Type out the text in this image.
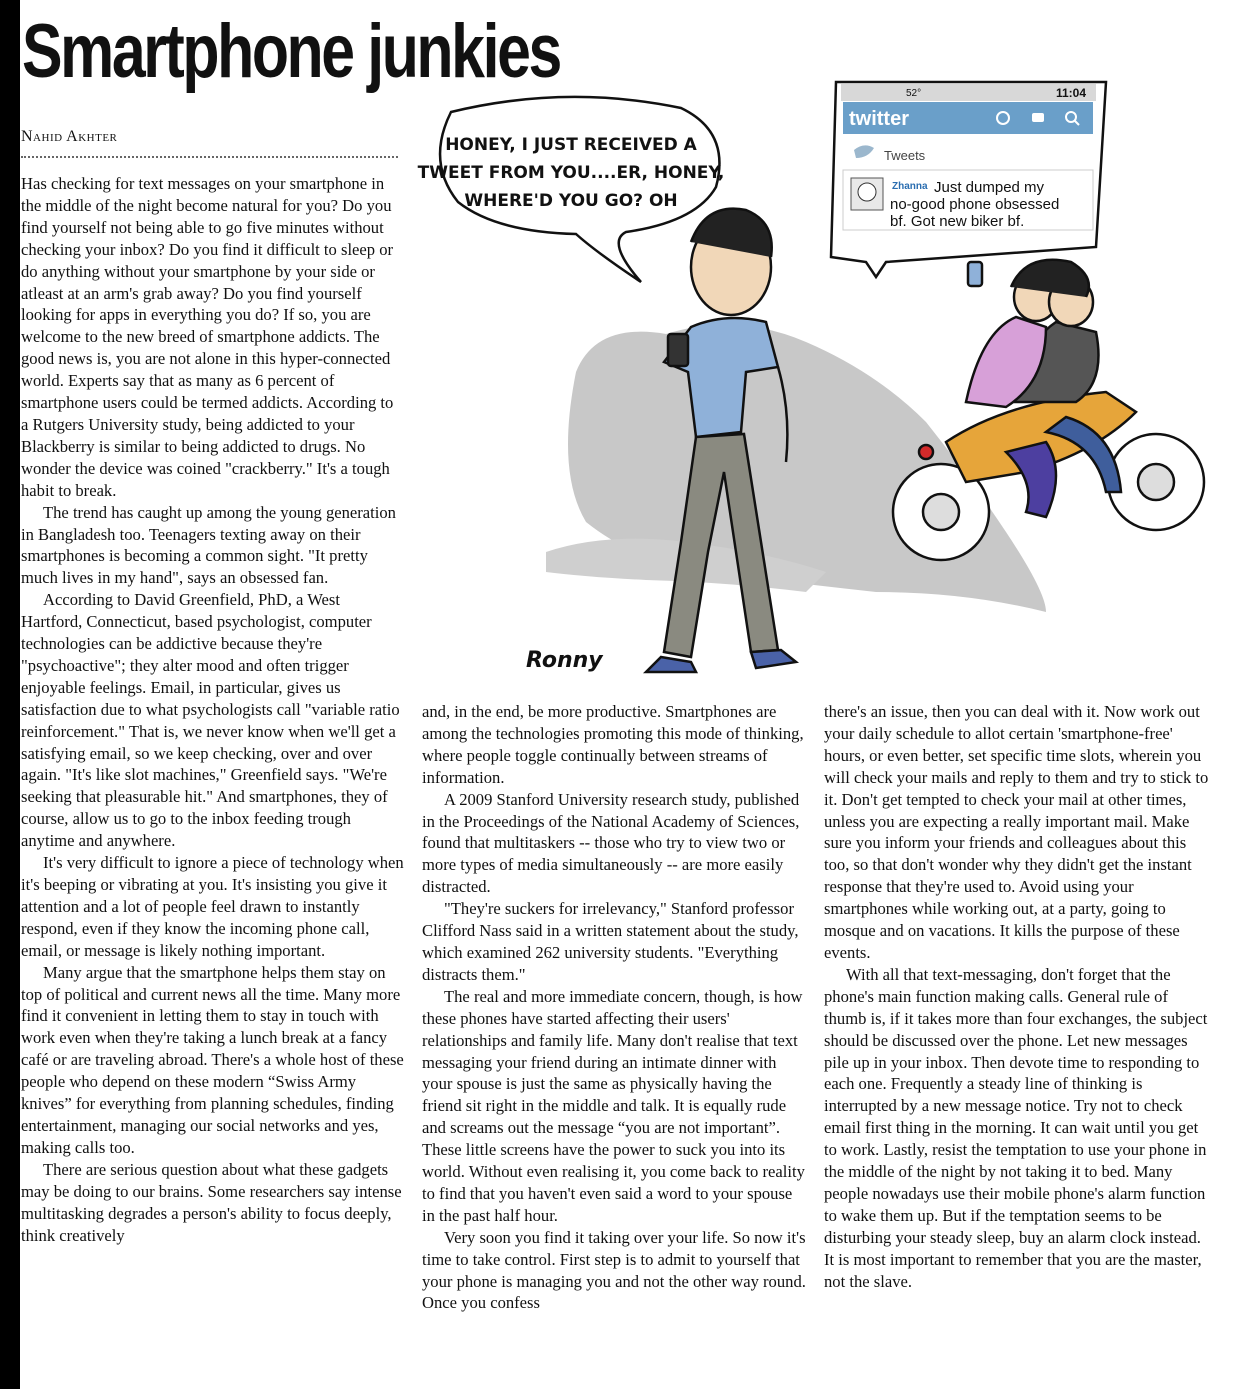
Smartphone junkies
Nahid Akhter	HONEY, I JUST RECEIVED A
TWEET FROM YOU....ER, HONEY,
WHERE'D YOU GO? OH
52°	11:04
twitter
Tweets
Zhanna Just dumped my
no-good phone obsessed
bf. Got new biker bf.
Ronny

Has checking for text messages on your smartphone in the middle of the night become natural for you? Do you find yourself not being able to go five minutes without checking your inbox? Do you find it difficult to sleep or do anything without your smartphone by your side or atleast at an arm's grab away? Do you find yourself looking for apps in everything you do? If so, you are welcome to the new breed of smartphone addicts. The good news is, you are not alone in this hyper-connected world. Experts say that as many as 6 percent of smartphone users could be termed addicts. According to a Rutgers University study, being addicted to your Blackberry is similar to being addicted to drugs. No wonder the device was coined "crackberry." It's a tough habit to break.

The trend has caught up among the young generation in Bangladesh too. Teenagers texting away on their smartphones is becoming a common sight. "It pretty much lives in my hand", says an obsessed fan.

According to David Greenfield, PhD, a West Hartford, Connecticut, based psychologist, computer technologies can be addictive because they're "psychoactive"; they alter mood and often trigger enjoyable feelings. Email, in particular, gives us satisfaction due to what psychologists call "variable ratio reinforcement." That is, we never know when we'll get a satisfying email, so we keep checking, over and over again. "It's like slot machines," Greenfield says. "We're seeking that pleasurable hit." And smartphones, they of course, allow us to go to the inbox feeding trough anytime and anywhere.

It's very difficult to ignore a piece of technology when it's beeping or vibrating at you. It's insisting you give it attention and a lot of people feel drawn to instantly respond, even if they know the incoming phone call, email, or message is likely nothing important.

Many argue that the smartphone helps them stay on top of political and current news all the time. Many more find it convenient in letting them to stay in touch with work even when they're taking a lunch break at a fancy café or are traveling abroad. There's a whole host of these people who depend on these modern “Swiss Army knives” for everything from planning schedules, finding entertainment, managing our social networks and yes, making calls too.

There are serious question about what these gadgets may be doing to our brains. Some researchers say intense multitasking degrades a person's ability to focus deeply, think creatively

and, in the end, be more productive. Smartphones are among the technologies promoting this mode of thinking, where people toggle continually between streams of information.

A 2009 Stanford University research study, published in the Proceedings of the National Academy of Sciences, found that multitaskers -- those who try to view two or more types of media simultaneously -- are more easily distracted.

"They're suckers for irrelevancy," Stanford professor Clifford Nass said in a written statement about the study, which examined 262 university students. "Everything distracts them."

The real and more immediate concern, though, is how these phones have started affecting their users' relationships and family life. Many don't realise that text messaging your friend during an intimate dinner with your spouse is just the same as physically having the friend sit right in the middle and talk. It is equally rude and screams out the message “you are not important”. These little screens have the power to suck you into its world. Without even realising it, you come back to reality to find that you haven't even said a word to your spouse in the past half hour.

Very soon you find it taking over your life. So now it's time to take control. First step is to admit to yourself that your phone is managing you and not the other way round. Once you confess

there's an issue, then you can deal with it. Now work out your daily schedule to allot certain 'smartphone-free' hours, or even better, set specific time slots, wherein you will check your mails and reply to them and try to stick to it. Don't get tempted to check your mail at other times, unless you are expecting a really important mail. Make sure you inform your friends and colleagues about this too, so that don't wonder why they didn't get the instant response that they're used to. Avoid using your smartphones while working out, at a party, going to mosque and on vacations. It kills the purpose of these events.

With all that text-messaging, don't forget that the phone's main function making calls. General rule of thumb is, if it takes more than four exchanges, the subject should be discussed over the phone. Let new messages pile up in your inbox. Then devote time to responding to each one. Frequently a steady line of thinking is interrupted by a new message notice. Try not to check email first thing in the morning. It can wait until you get to work. Lastly, resist the temptation to use your phone in the middle of the night by not taking it to bed. Many people nowadays use their mobile phone's alarm function to wake them up. But if the temptation seems to be disturbing your steady sleep, buy an alarm clock instead. It is most important to remember that you are the master, not the slave.
